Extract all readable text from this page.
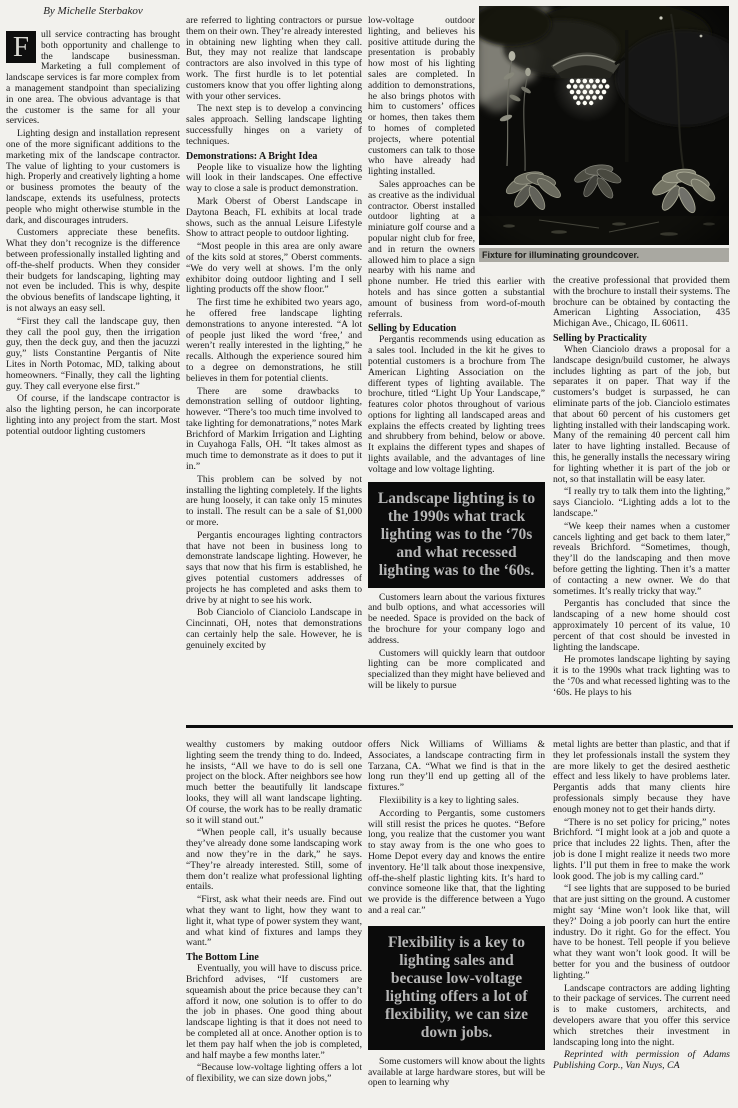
By Michelle Sterbakov

F	ull service contracting has brought both opportunity and challenge to the landscape businessman. Marketing a full complement of landscape services is far more complex from a management standpoint than specializing in one area. The obvious advantage is that the customer is the same for all your services.

Lighting design and installation represent one of the more significant additions to the marketing mix of the landscape contractor. The value of lighting to your customers is high. Properly and creatively lighting a home or business promotes the beauty of the landscape, extends its usefulness, protects people who might otherwise stumble in the dark, and discourages intruders.

Customers appreciate these benefits. What they don’t recognize is the difference between professionally installed lighting and off-the-shelf products. When they consider their budgets for landscaping, lighting may not even be included. This is why, despite the obvious benefits of landscape lighting, it is not always an easy sell.

“First they call the landscape guy, then they call the pool guy, then the irrigation guy, then the deck guy, and then the jacuzzi guy,” lists Constantine Pergantis of Nite Lites in North Potomac, MD, talking about homeowners. “Finally, they call the lighting guy. They call everyone else first.”

Of course, if the landscape contractor is also the lighting person, he can incorporate lighting into any project from the start. Most potential outdoor lighting customers

are referred to lighting contractors or pursue them on their own. They’re already interested in obtaining new lighting when they call. But, they may not realize that landscape contractors are also involved in this type of work. The first hurdle is to let potential customers know that you offer lighting along with your other services.

The next step is to develop a convincing sales approach. Selling landscape lighting successfully hinges on a variety of techniques.

Demonstrations: A Bright Idea

People like to visualize how the lighting will look in their landscapes. One effective way to close a sale is product demonstration.

Mark Oberst of Oberst Landscape in Daytona Beach, FL exhibits at local trade shows, such as the annual Leisure Lifestyle Show to attract people to outdoor lighting.

“Most people in this area are only aware of the kits sold at stores,” Oberst comments. “We do very well at shows. I’m the only exhibitor doing outdoor lighting and I sell lighting products off the show floor.”

The first time he exhibited two years ago, he offered free landscape lighting demonstrations to anyone interested. “A lot of people just liked the word ‘free,’ and weren’t really interested in the lighting,” he recalls. Although the experience soured him to a degree on demonstrations, he still believes in them for potential clients.

There are some drawbacks to demonstration selling of outdoor lighting, however. “There’s too much time involved to take lighting for demonatrations,” notes Mark Brichford of Markim Irrigation and Lighting in Cuyahoga Falls, OH. “It takes almost as much time to demonstrate as it does to put it in.”

This problem can be solved by not installing the lighting completely. If the lights are hung loosely, it can take only 15 minutes to install. The result can be a sale of $1,000 or more.

Pergantis encourages lighting contractors that have not been in business long to demonstrate landscape lighting. However, he says that now that his firm is established, he gives potential customers addresses of projects he has completed and asks them to drive by at night to see his work.

Bob Cianciolo of Cianciolo Landscape in Cincinnati, OH, notes that demonstrations can certainly help the sale. However, he is genuinely excited by

low-voltage outdoor lighting, and believes his positive attitude during the presentation is probably how most of his lighting sales are completed. In addition to demonstrations, he also brings photos with him to customers’ offices or homes, then takes them to homes of completed projects, where potential customers can talk to those who have already had lighting installed.

Sales approaches can be as creative as the individual contractor. Oberst installed outdoor lighting at a miniature golf course and a popular night club for free, and in return the owners allowed him to place a sign nearby with his name and phone number. He tried this earlier with hotels and has since gotten a substantial amount of business from word-of-mouth referrals.

Selling by Education

Pergantis recommends using education as a sales tool. Included in the kit he gives to potential customers is a brochure from The American Lighting Association on the different types of lighting available. The brochure, titled “Light Up Your Landscape,” features color photos throughout of various options for lighting all landscaped areas and explains the effects created by lighting trees and shrubbery from behind, below or above. It explains the different types and shapes of lights available, and the advantages of line voltage and low voltage lighting.

Landscape lighting is to the 1990s what track lighting was to the ‘70s and what recessed lighting was to the ‘60s.

Customers learn about the various fixtures and bulb options, and what accessories will be needed. Space is provided on the back of the brochure for your company logo and address.

Customers will quickly learn that outdoor lighting can be more complicated and specialized than they might have believed and will be likely to pursue

Fixture for illuminating groundcover.

the creative professional that provided them with the brochure to install their systems. The brochure can be obtained by contacting the American Lighting Association, 435 Michigan Ave., Chicago, IL 60611.

Selling by Practicality

When Cianciolo draws a proposal for a landscape design/build customer, he always includes lighting as part of the job, but separates it on paper. That way if the customers’s budget is surpassed, he can eliminate parts of the job. Cianciolo estimates that about 60 percent of his customers get lighting installed with their landscaping work. Many of the remaining 40 percent call him later to have lighting installed. Because of this, he generally installs the necessary wiring for lighting whether it is part of the job or not, so that installatin will be easy later.

“I really try to talk them into the lighting,” says Cianciolo. “Lighting adds a lot to the landscape.”

“We keep their names when a customer cancels lighting and get back to them later,” reveals Brichford. “Sometimes, though, they’ll do the landscaping and then move before getting the lighting. Then it’s a matter of contacting a new owner. We do that sometimes. It’s really tricky that way.”

Pergantis has concluded that since the landscaping of a new home should cost approximately 10 percent of its value, 10 percent of that cost should be invested in lighting the landscape.

He promotes landscape lighting by saying it is to the 1990s what track lighting was to the ‘70s and what recessed lighting was to the ‘60s. He plays to his

wealthy customers by making outdoor lighting seem the trendy thing to do. Indeed, he insists, “All we have to do is sell one project on the block. After neighbors see how much better the beautifully lit landscape looks, they will all want landscape lighting. Of course, the work has to be really dramatic so it will stand out.”

“When people call, it’s usually because they’ve already done some landscaping work and now they’re in the dark,” he says. “They’re already interested. Still, some of them don’t realize what professional lighting entails.

“First, ask what their needs are. Find out what they want to light, how they want to light it, what type of power system they want, and what kind of fixtures and lamps they want.”

The Bottom Line

Eventually, you will have to discuss price. Brichford advises, “If customers are squeamish about the price because they can’t afford it now, one solution is to offer to do the job in phases. One good thing about landscape lighting is that it does not need to be completed all at once. Another option is to let them pay half when the job is completed, and half maybe a few months later.”

“Because low-voltage lighting offers a lot of flexibility, we can size down jobs,”

offers Nick Williams of Williams & Associates, a landscape contracting firm in Tarzana, CA. “What we find is that in the long run they’ll end up getting all of the fixtures.”

Flexiibility is a key to lighting sales.

According to Pergantis, some customers will still resist the prices he quotes. “Before long, you realize that the customer you want to stay away from is the one who goes to Home Depot every day and knows the entire inventory. He’ll talk about those inexpensive, off-the-shelf plastic lighting kits. It’s hard to convince someone like that, that the lighting we provide is the difference between a Yugo and a real car.”

Flexibility is a key to lighting sales and because low-voltage lighting offers a lot of flexibility, we can size down jobs.

Some customers will know about the lights available at large hardware stores, but will be open to learning why

metal lights are better than plastic, and that if they let professionals install the system they are more likely to get the desired aesthetic effect and less likely to have problems later. Pergantis adds that many clients hire professionals simply because they have enough money not to get their hands dirty.

“There is no set policy for pricing,” notes Brichford. “I might look at a job and quote a price that includes 22 lights. Then, after the job is done I might realize it needs two more lights. I’ll put them in free to make the work look good. The job is my calling card.”

“I see lights that are supposed to be buried that are just sitting on the ground. A customer might say ‘Mine won’t look like that, will they?’ Doing a job poorly can hurt the entire industry. Do it right. Go for the effect. You have to be honest. Tell people if you believe what they want won’t look good. It will be better for you and the business of outdoor lighting.”

Landscape contractors are adding lighting to their package of services. The current need is to make customers, architects, and developers aware that you offer this service which stretches their investment in landscaping long into the night.

Reprinted with permission of Adams Publishing Corp., Van Nuys, CA
